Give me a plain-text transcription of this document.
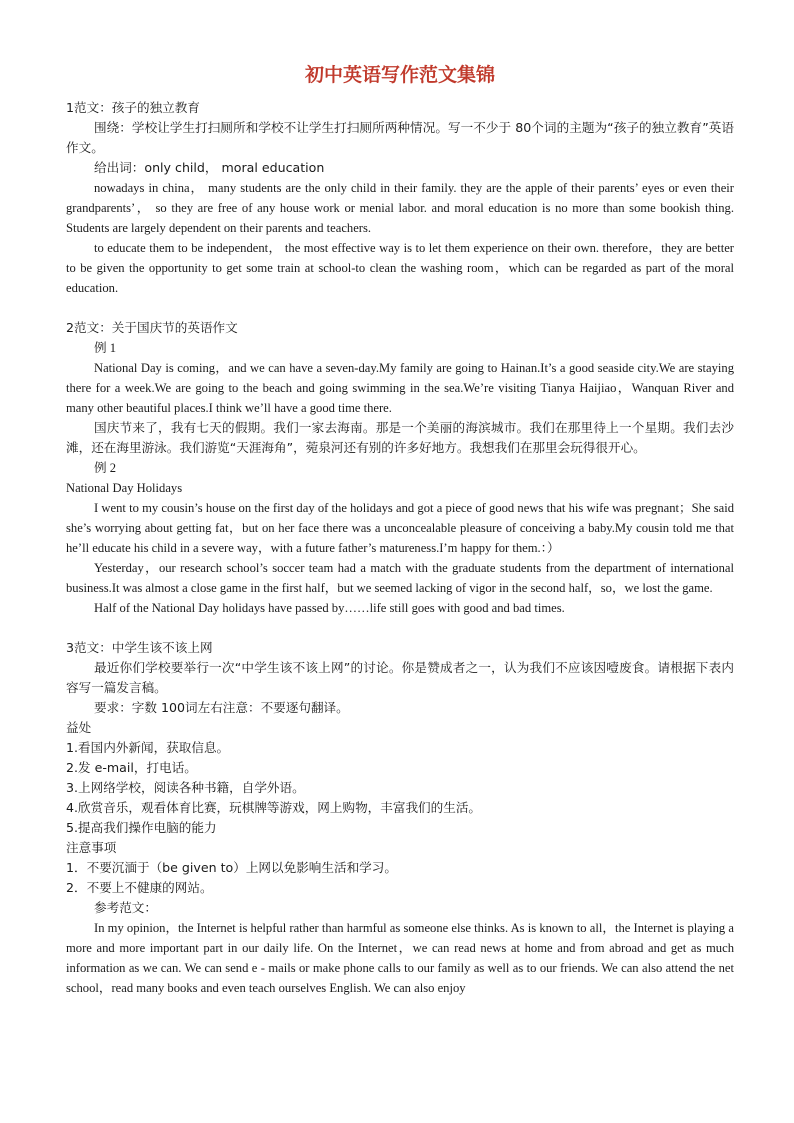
初中英语写作范文集锦

1范文：孩子的独立教育

围绕：学校让学生打扫厕所和学校不让学生打扫厕所两种情况。写一不少于 80个词的主题为“孩子的独立教育”英语作文。

给出词：only child， moral education

nowadays in china， many students are the only child in their family. they are the apple of their parents’ eyes or even their grandparents’， so they are free of any house work or menial labor. and moral education is no more than some bookish thing. Students are largely dependent on their parents and teachers.

to educate them to be independent， the most effective way is to let them experience on their own. therefore，they are better to be given the opportunity to get some train at school-to clean the washing room，which can be regarded as part of the moral education.

2范文：关于国庆节的英语作文

例 1

National Day is coming，and we can have a seven-day.My family are going to Hainan.It’s a good seaside city.We are staying there for a week.We are going to the beach and going swimming in the sea.We’re visiting Tianya Haijiao，Wanquan River and many other beautiful places.I think we’ll have a good time there.

国庆节来了，我有七天的假期。我们一家去海南。那是一个美丽的海滨城市。我们在那里待上一个星期。我们去沙滩，还在海里游泳。我们游览“天涯海角”，菀泉河还有别的许多好地方。我想我们在那里会玩得很开心。

例 2

National Day Holidays

I went to my cousin’s house on the first day of the holidays and got a piece of good news that his wife was pregnant；She said she’s worrying about getting fat，but on her face there was a unconcealable pleasure of conceiving a baby.My cousin told me that he’ll educate his child in a severe way，with a future father’s matureness.I’m happy for them.：）

Yesterday，our research school’s soccer team had a match with the graduate students from the department of international business.It was almost a close game in the first half，but we seemed lacking of vigor in the second half，so，we lost the game.

Half of the National Day holidays have passed by……life still goes with good and bad times.

3范文：中学生该不该上网

最近你们学校要举行一次“中学生该不该上网”的讨论。你是赞成者之一，认为我们不应该因噎废食。请根据下表内容写一篇发言稿。

要求：字数 100词左右注意：不要逐句翻译。

益处

1.看国内外新闻，获取信息。

2.发 e-mail，打电话。

3.上网络学校，阅读各种书籍，自学外语。

4.欣赏音乐，观看体育比赛，玩棋牌等游戏，网上购物，丰富我们的生活。

5.提高我们操作电脑的能力

注意事项

1．不要沉湎于（be given to）上网以免影响生活和学习。

2．不要上不健康的网站。

参考范文：

In my opinion，the Internet is helpful rather than harmful as someone else thinks. As is known to all，the Internet is playing a more and more important part in our daily life. On the Internet，we can read news at home and from abroad and get as much information as we can. We can send e - mails or make phone calls to our family as well as to our friends. We can also attend the net school，read many books and even teach ourselves English. We can also enjoy
